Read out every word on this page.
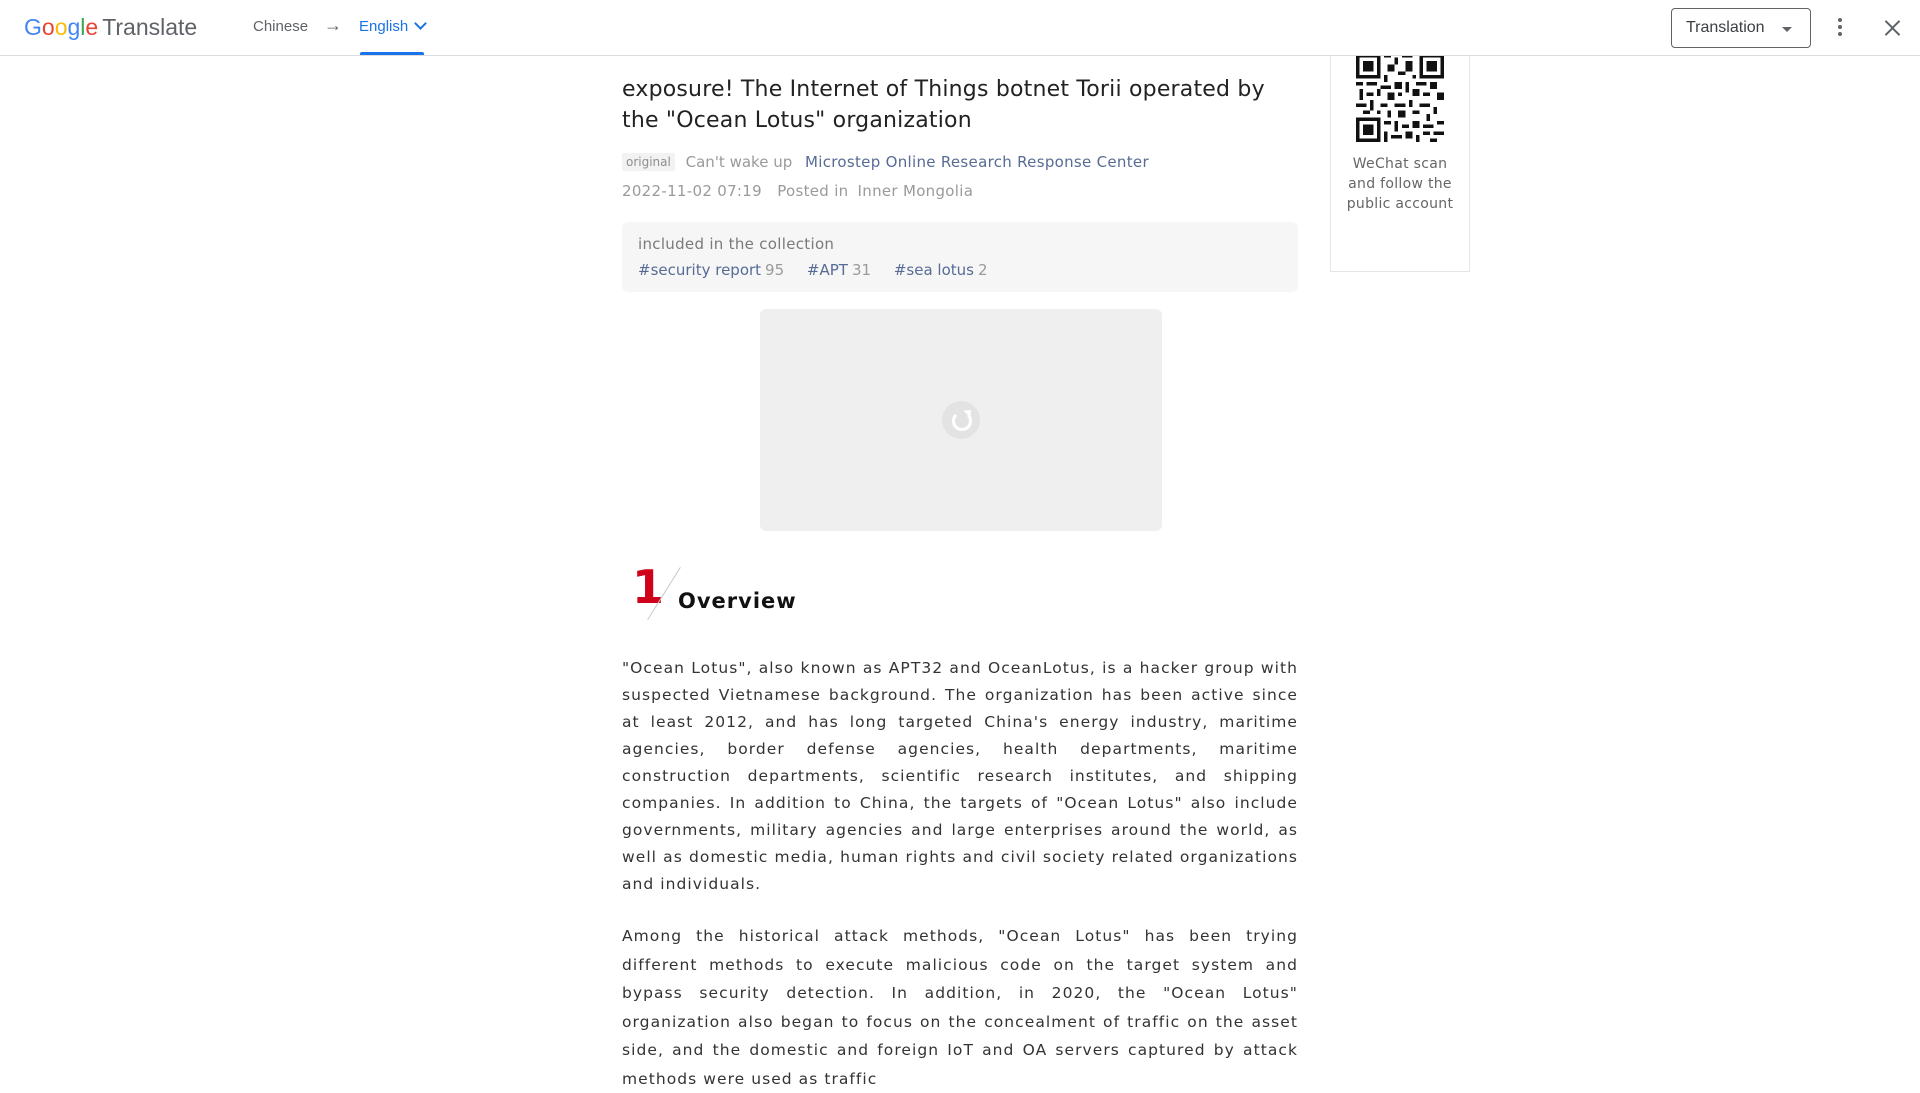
Google Translate	Chinese → English	Translation
exposure! The Internet of Things botnet Torii operated by the "Ocean Lotus" organization
original Can't wake up Microstep Online Research Response Center
2022-11-02 07:19 Posted in Inner Mongolia
included in the collection
#security report 95 #APT 31 #sea lotus 2
1 Overview

"Ocean Lotus", also known as APT32 and OceanLotus, is a hacker group with suspected Vietnamese background. The organization has been active since at least 2012, and has long targeted China's energy industry, maritime agencies, border defense agencies, health departments, maritime construction departments, scientific research institutes, and shipping companies. In addition to China, the targets of "Ocean Lotus" also include governments, military agencies and large enterprises around the world, as well as domestic media, human rights and civil society related organizations and individuals.

Among the historical attack methods, "Ocean Lotus" has been trying different methods to execute malicious code on the target system and bypass security detection. In addition, in 2020, the "Ocean Lotus" organization also began to focus on the concealment of traffic on the asset side, and the domestic and foreign IoT and OA servers captured by attack methods were used as traffic

WeChat scan and follow the public account
